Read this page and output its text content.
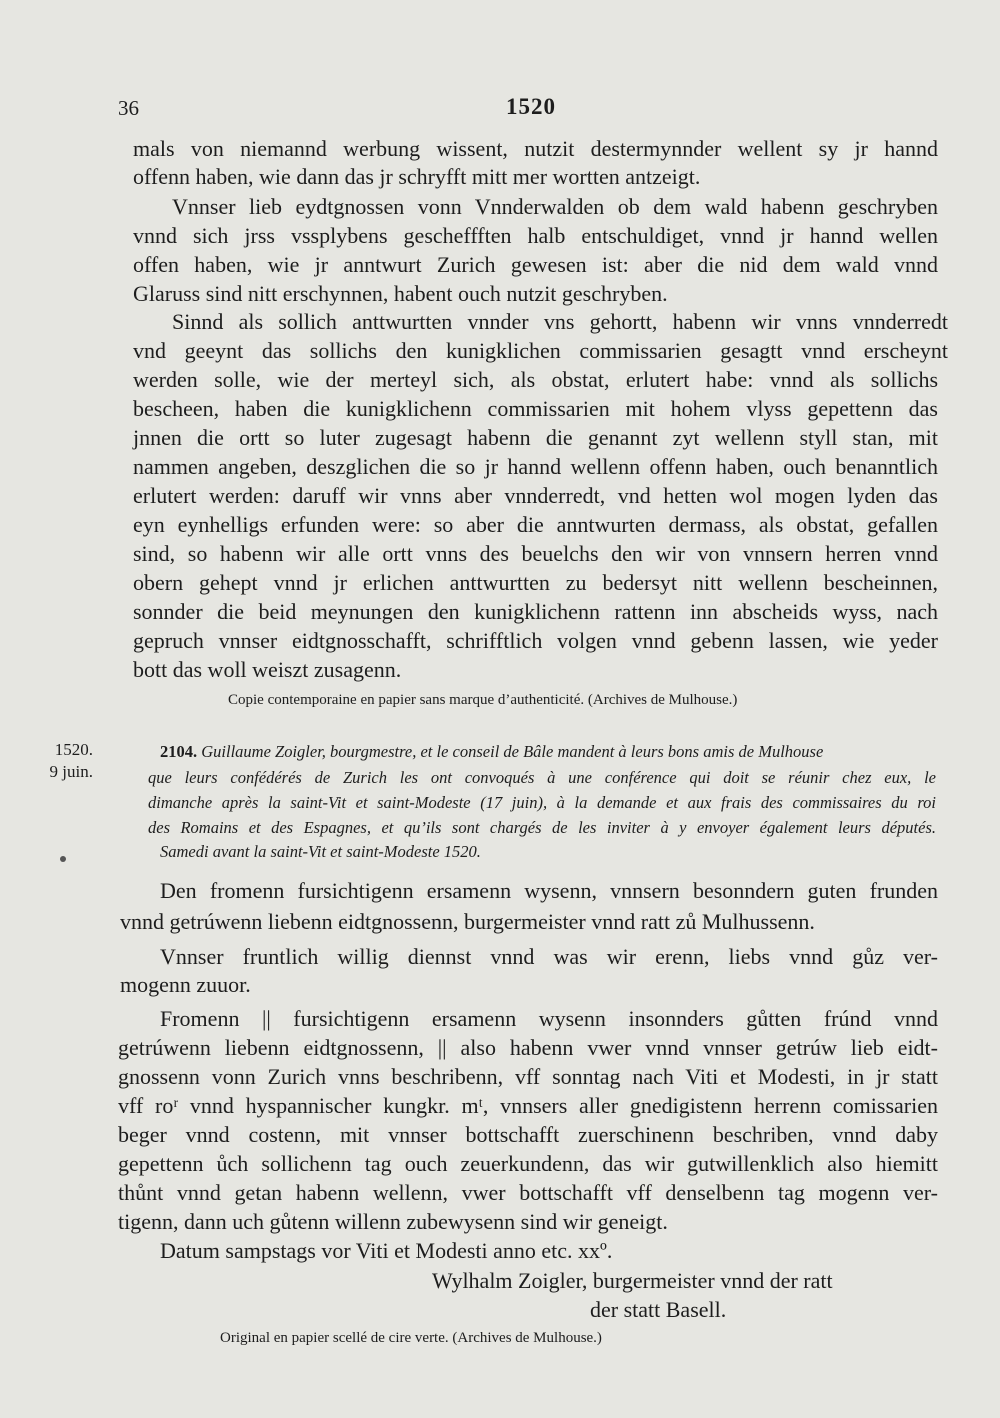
36	1520
mals von niemannd werbung wissent, nutzit destermynnder wellent sy jr hannd
offenn haben, wie dann das jr schryfft mitt mer wortten antzeigt.
Vnnser lieb eydtgnossen vonn Vnnderwalden ob dem wald habenn geschryben
vnnd sich jrss vssplybens gescheffften halb entschuldiget, vnnd jr hannd wellen
offen haben, wie jr anntwurt Zurich gewesen ist: aber die nid dem wald vnnd
Glaruss sind nitt erschynnen, habent ouch nutzit geschryben.
Sinnd als sollich anttwurtten vnnder vns gehortt, habenn wir vnns vnnderredt
vnd geeynt das sollichs den kunigklichen commissarien gesagtt vnnd erscheynt
werden solle, wie der merteyl sich, als obstat, erlutert habe: vnnd als sollichs
bescheen, haben die kunigklichenn commissarien mit hohem vlyss gepettenn das
jnnen die ortt so luter zugesagt habenn die genannt zyt wellenn styll stan, mit
nammen angeben, deszglichen die so jr hannd wellenn offenn haben, ouch benanntlich
erlutert werden: daruff wir vnns aber vnnderredt, vnd hetten wol mogen lyden das
eyn eynhelligs erfunden were: so aber die anntwurten dermass, als obstat, gefallen
sind, so habenn wir alle ortt vnns des beuelchs den wir von vnnsern herren vnnd
obern gehept vnnd jr erlichen anttwurtten zu bedersyt nitt wellenn bescheinnen,
sonnder die beid meynungen den kunigklichenn rattenn inn abscheids wyss, nach
gepruch vnnser eidtgnosschafft, schrifftlich volgen vnnd gebenn lassen, wie yeder
bott das woll weiszt zusagenn.
Copie contemporaine en papier sans marque d’authenticité. (Archives de Mulhouse.)
1520.
9 juin.
2104. Guillaume Zoigler, bourgmestre, et le conseil de Bâle mandent à leurs bons amis de Mulhouse
que leurs confédérés de Zurich les ont convoqués à une conférence qui doit se réunir chez eux, le
dimanche après la saint-Vit et saint-Modeste (17 juin), à la demande et aux frais des commissaires du roi
des Romains et des Espagnes, et qu’ils sont chargés de les inviter à y envoyer également leurs députés.
Samedi avant la saint-Vit et saint-Modeste 1520.
Den fromenn fursichtigenn ersamenn wysenn, vnnsern besonndern guten frunden
vnnd getrúwenn liebenn eidtgnossenn, burgermeister vnnd ratt zů Mulhussenn.
Vnnser fruntlich willig diennst vnnd was wir erenn, liebs vnnd gůz ver-
mogenn zuuor.
Fromenn || fursichtigenn ersamenn wysenn insonnders gůtten frúnd vnnd
getrúwenn liebenn eidtgnossenn, || also habenn vwer vnnd vnnser getrúw lieb eidt-
gnossenn vonn Zurich vnns beschribenn, vff sonntag nach Viti et Modesti, in jr statt
vff roʳ vnnd hyspannischer kungkr. mᵗ, vnnsers aller gnedigistenn herrenn comissarien
beger vnnd costenn, mit vnnser bottschafft zuerschinenn beschriben, vnnd daby
gepettenn ůch sollichenn tag ouch zeuerkundenn, das wir gutwillenklich also hiemitt
thůnt vnnd getan habenn wellenn, vwer bottschafft vff denselbenn tag mogenn ver-
tigenn, dann uch gůtenn willenn zubewysenn sind wir geneigt.
Datum sampstags vor Viti et Modesti anno etc. xxº.
Wylhalm Zoigler, burgermeister vnnd der ratt
der statt Basell.
Original en papier scellé de cire verte. (Archives de Mulhouse.)
